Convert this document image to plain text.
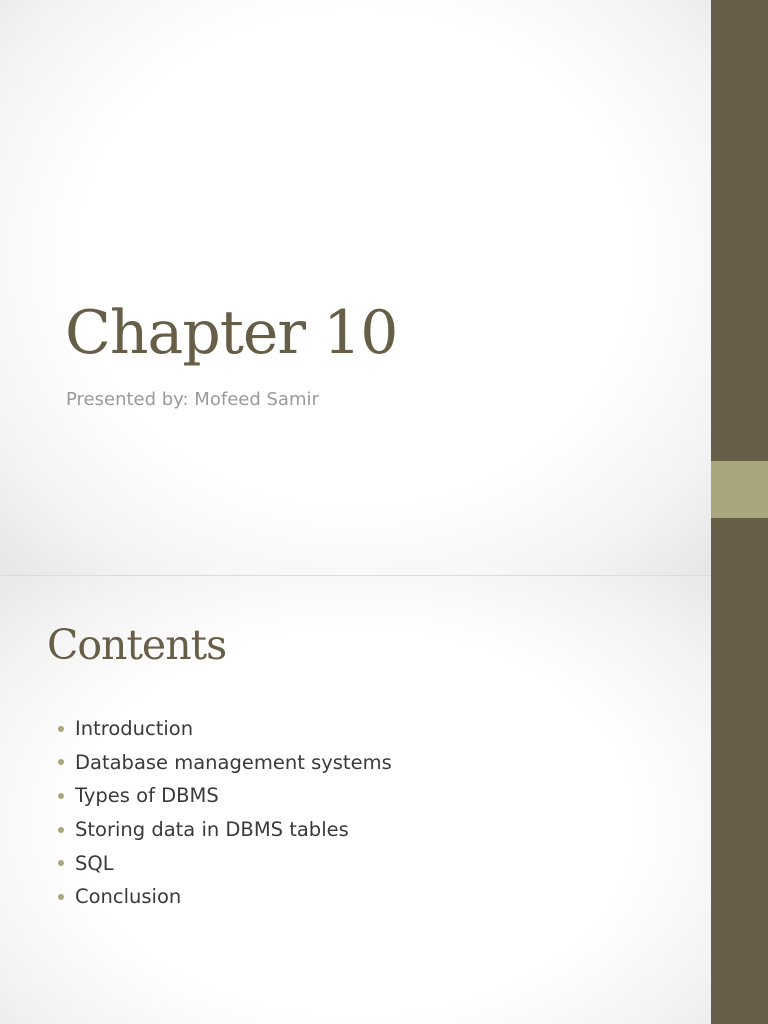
Chapter 10

Presented by: Mofeed Samir

Contents
Introduction
Database management systems
Types of DBMS
Storing data in DBMS tables
SQL
Conclusion
